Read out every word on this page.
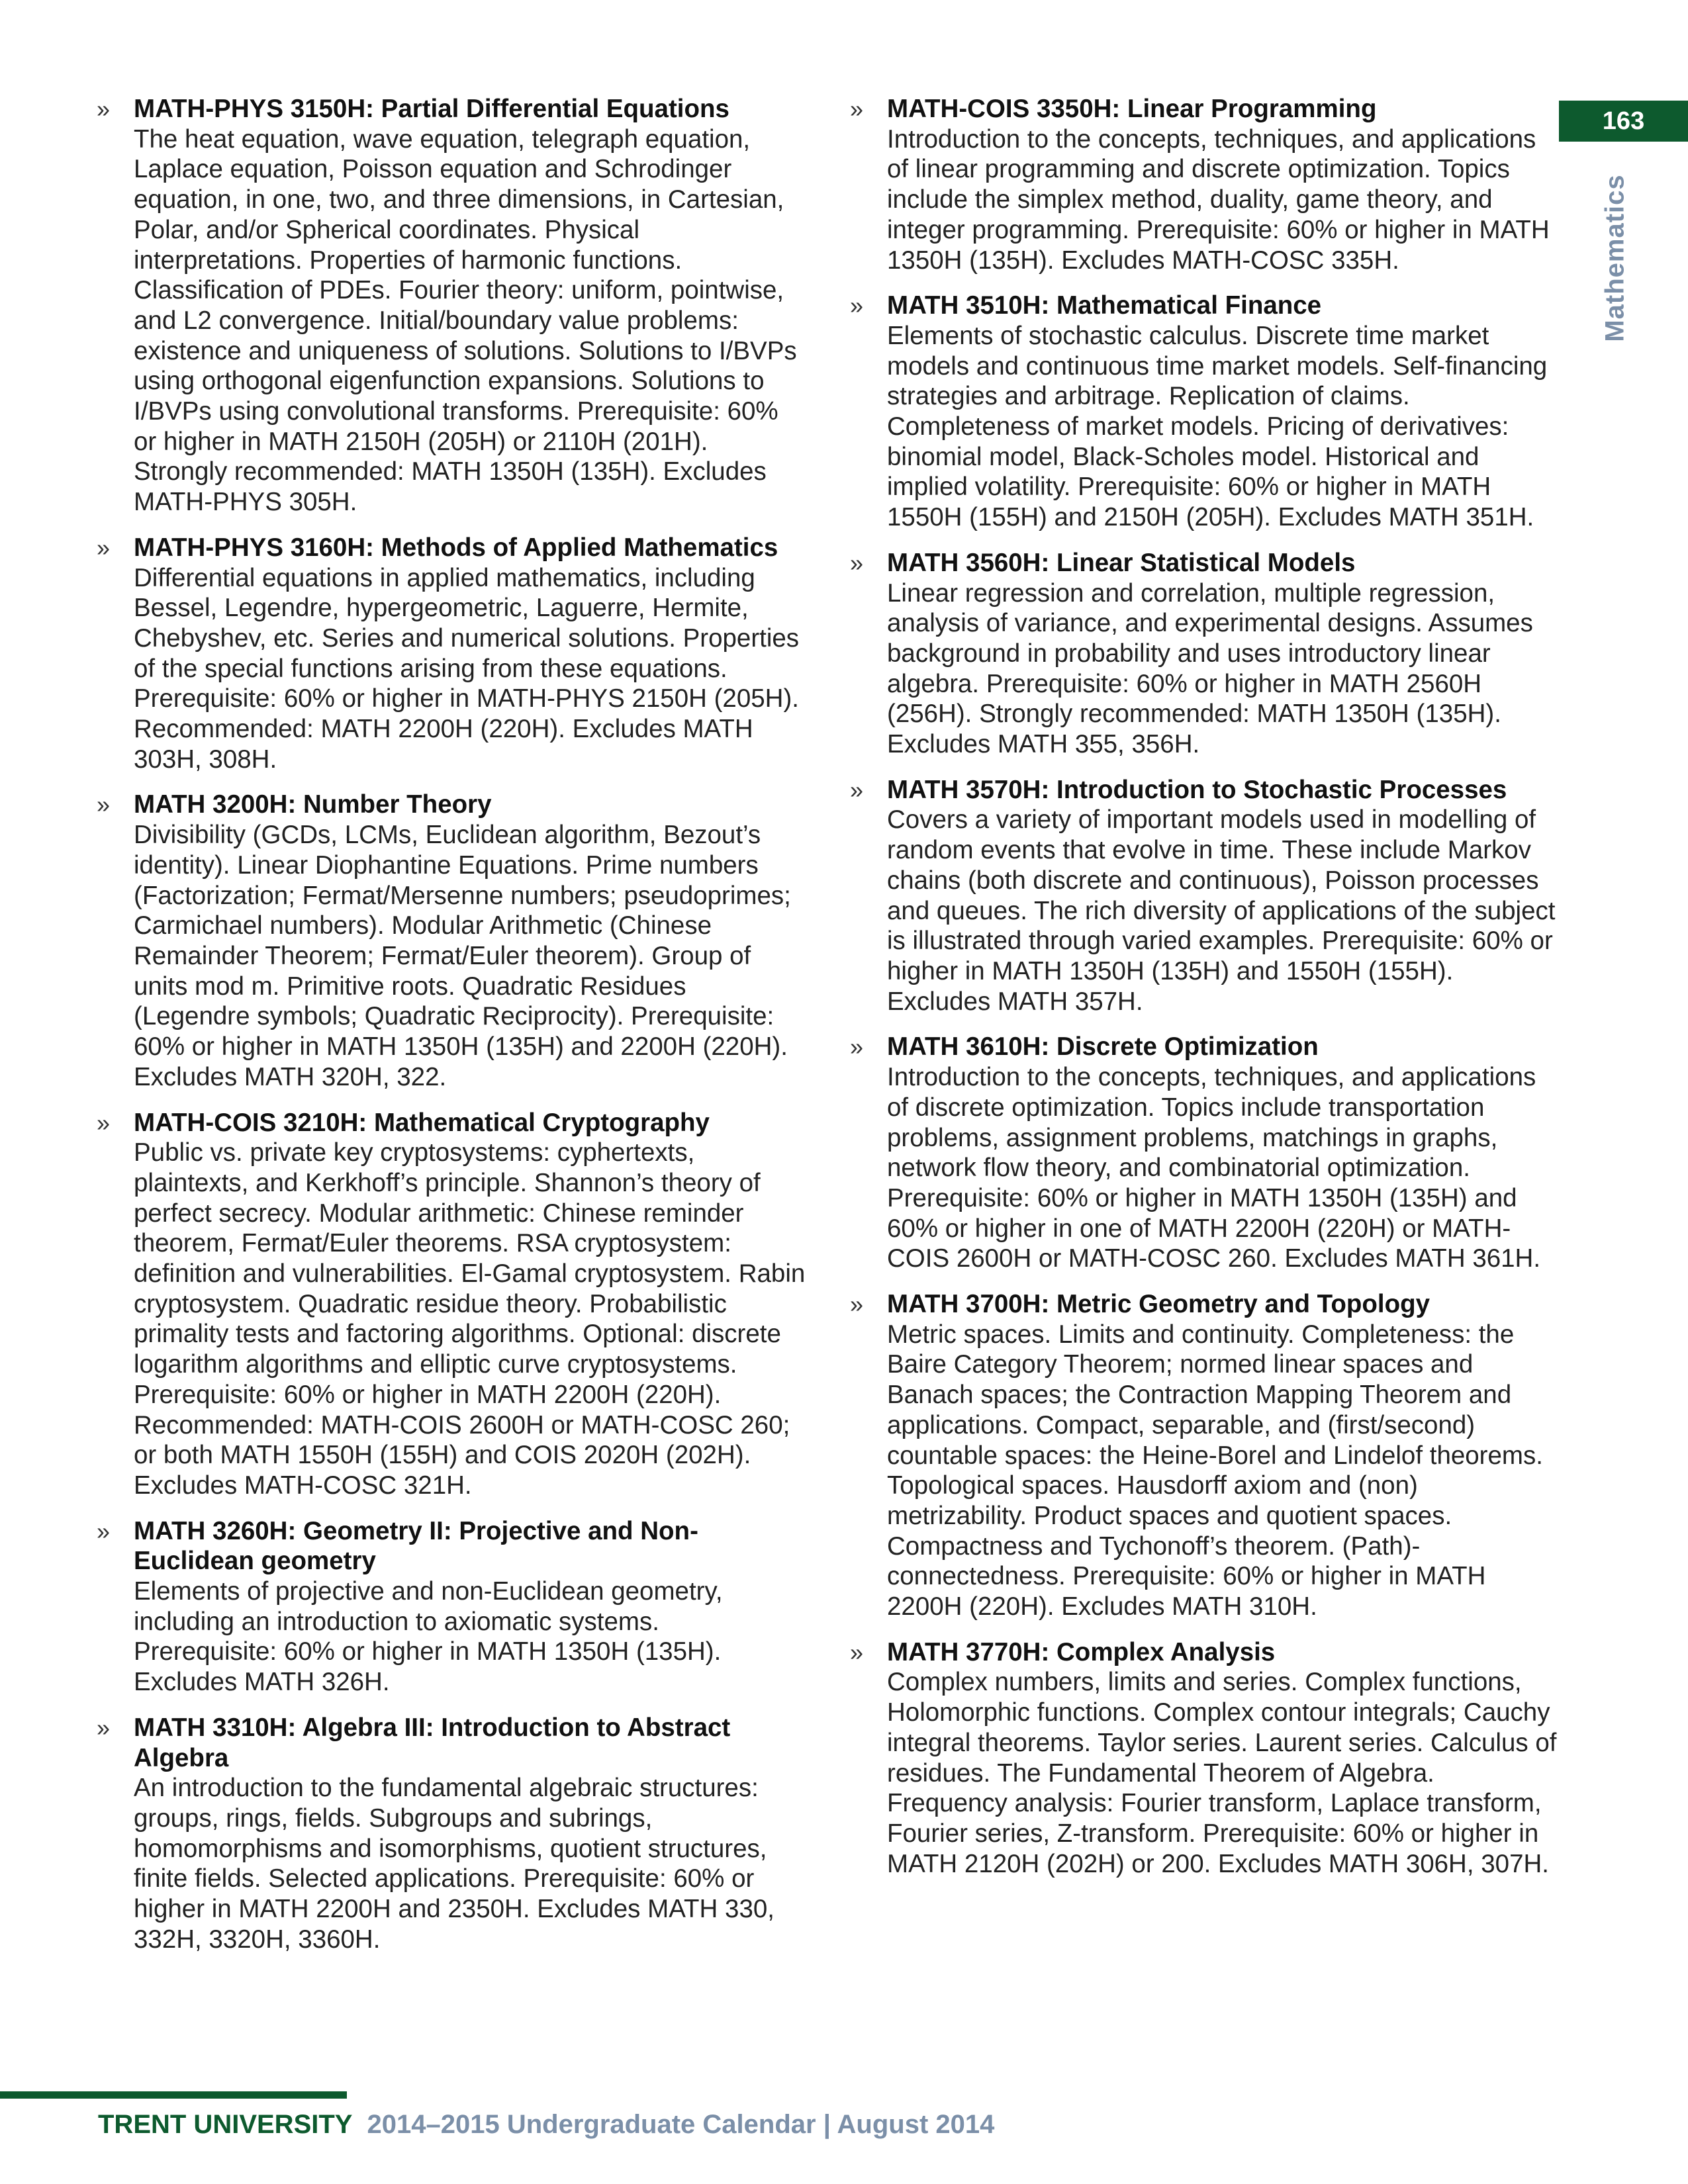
» MATH-PHYS 3150H: Partial Differential Equations
The heat equation, wave equation, telegraph equation, Laplace equation, Poisson equation and Schrodinger equation, in one, two, and three dimensions, in Cartesian, Polar, and/or Spherical coordinates. Physical interpretations. Properties of harmonic functions. Classification of PDEs. Fourier theory: uniform, pointwise, and L2 convergence. Initial/boundary value problems: existence and uniqueness of solutions. Solutions to I/BVPs using orthogonal eigenfunction expansions. Solutions to I/BVPs using convolutional transforms. Prerequisite: 60% or higher in MATH 2150H (205H) or 2110H (201H). Strongly recommended: MATH 1350H (135H). Excludes MATH-PHYS 305H.
» MATH-PHYS 3160H: Methods of Applied Mathematics
Differential equations in applied mathematics, including Bessel, Legendre, hypergeometric, Laguerre, Hermite, Chebyshev, etc. Series and numerical solutions. Properties of the special functions arising from these equations. Prerequisite: 60% or higher in MATH-PHYS 2150H (205H). Recommended: MATH 2200H (220H). Excludes MATH 303H, 308H.
» MATH 3200H: Number Theory
Divisibility (GCDs, LCMs, Euclidean algorithm, Bezout’s identity). Linear Diophantine Equations. Prime numbers (Factorization; Fermat/Mersenne numbers; pseudoprimes; Carmichael numbers). Modular Arithmetic (Chinese Remainder Theorem; Fermat/Euler theorem). Group of units mod m. Primitive roots. Quadratic Residues (Legendre symbols; Quadratic Reciprocity). Prerequisite: 60% or higher in MATH 1350H (135H) and 2200H (220H). Excludes MATH 320H, 322.
» MATH-COIS 3210H: Mathematical Cryptography
Public vs. private key cryptosystems: cyphertexts, plaintexts, and Kerkhoff’s principle. Shannon’s theory of perfect secrecy. Modular arithmetic: Chinese reminder theorem, Fermat/Euler theorems. RSA cryptosystem: definition and vulnerabilities. El-Gamal cryptosystem. Rabin cryptosystem. Quadratic residue theory. Probabilistic primality tests and factoring algorithms. Optional: discrete logarithm algorithms and elliptic curve cryptosystems. Prerequisite: 60% or higher in MATH 2200H (220H). Recommended: MATH-COIS 2600H or MATH-COSC 260; or both MATH 1550H (155H) and COIS 2020H (202H). Excludes MATH-COSC 321H.
» MATH 3260H: Geometry II: Projective and Non-Euclidean geometry
Elements of projective and non-Euclidean geometry, including an introduction to axiomatic systems. Prerequisite: 60% or higher in MATH 1350H (135H). Excludes MATH 326H.
» MATH 3310H: Algebra III: Introduction to Abstract Algebra
An introduction to the fundamental algebraic structures: groups, rings, fields. Subgroups and subrings, homomorphisms and isomorphisms, quotient structures, finite fields. Selected applications. Prerequisite: 60% or higher in MATH 2200H and 2350H. Excludes MATH 330, 332H, 3320H, 3360H.
» MATH-COIS 3350H: Linear Programming
Introduction to the concepts, techniques, and applications of linear programming and discrete optimization. Topics include the simplex method, duality, game theory, and integer programming. Prerequisite: 60% or higher in MATH 1350H (135H). Excludes MATH-COSC 335H.
» MATH 3510H: Mathematical Finance
Elements of stochastic calculus. Discrete time market models and continuous time market models. Self-financing strategies and arbitrage. Replication of claims. Completeness of market models. Pricing of derivatives: binomial model, Black-Scholes model. Historical and implied volatility. Prerequisite: 60% or higher in MATH 1550H (155H) and 2150H (205H). Excludes MATH 351H.
» MATH 3560H: Linear Statistical Models
Linear regression and correlation, multiple regression, analysis of variance, and experimental designs. Assumes background in probability and uses introductory linear algebra. Prerequisite: 60% or higher in MATH 2560H (256H). Strongly recommended: MATH 1350H (135H). Excludes MATH 355, 356H.
» MATH 3570H: Introduction to Stochastic Processes
Covers a variety of important models used in modelling of random events that evolve in time. These include Markov chains (both discrete and continuous), Poisson processes and queues. The rich diversity of applications of the subject is illustrated through varied examples. Prerequisite: 60% or higher in MATH 1350H (135H) and 1550H (155H). Excludes MATH 357H.
» MATH 3610H: Discrete Optimization
Introduction to the concepts, techniques, and applications of discrete optimization. Topics include transportation problems, assignment problems, matchings in graphs, network flow theory, and combinatorial optimization. Prerequisite: 60% or higher in MATH 1350H (135H) and 60% or higher in one of MATH 2200H (220H) or MATH-COIS 2600H or MATH-COSC 260. Excludes MATH 361H.
» MATH 3700H: Metric Geometry and Topology
Metric spaces. Limits and continuity. Completeness: the Baire Category Theorem; normed linear spaces and Banach spaces; the Contraction Mapping Theorem and applications. Compact, separable, and (first/second) countable spaces: the Heine-Borel and Lindelof theorems. Topological spaces. Hausdorff axiom and (non) metrizability. Product spaces and quotient spaces. Compactness and Tychonoff’s theorem. (Path)-connectedness. Prerequisite: 60% or higher in MATH 2200H (220H). Excludes MATH 310H.
» MATH 3770H: Complex Analysis
Complex numbers, limits and series. Complex functions, Holomorphic functions. Complex contour integrals; Cauchy integral theorems. Taylor series. Laurent series. Calculus of residues. The Fundamental Theorem of Algebra. Frequency analysis: Fourier transform, Laplace transform, Fourier series, Z-transform. Prerequisite: 60% or higher in MATH 2120H (202H) or 200. Excludes MATH 306H, 307H.
163
Mathematics
TRENT UNIVERSITY 2014–2015 Undergraduate Calendar | August 2014
